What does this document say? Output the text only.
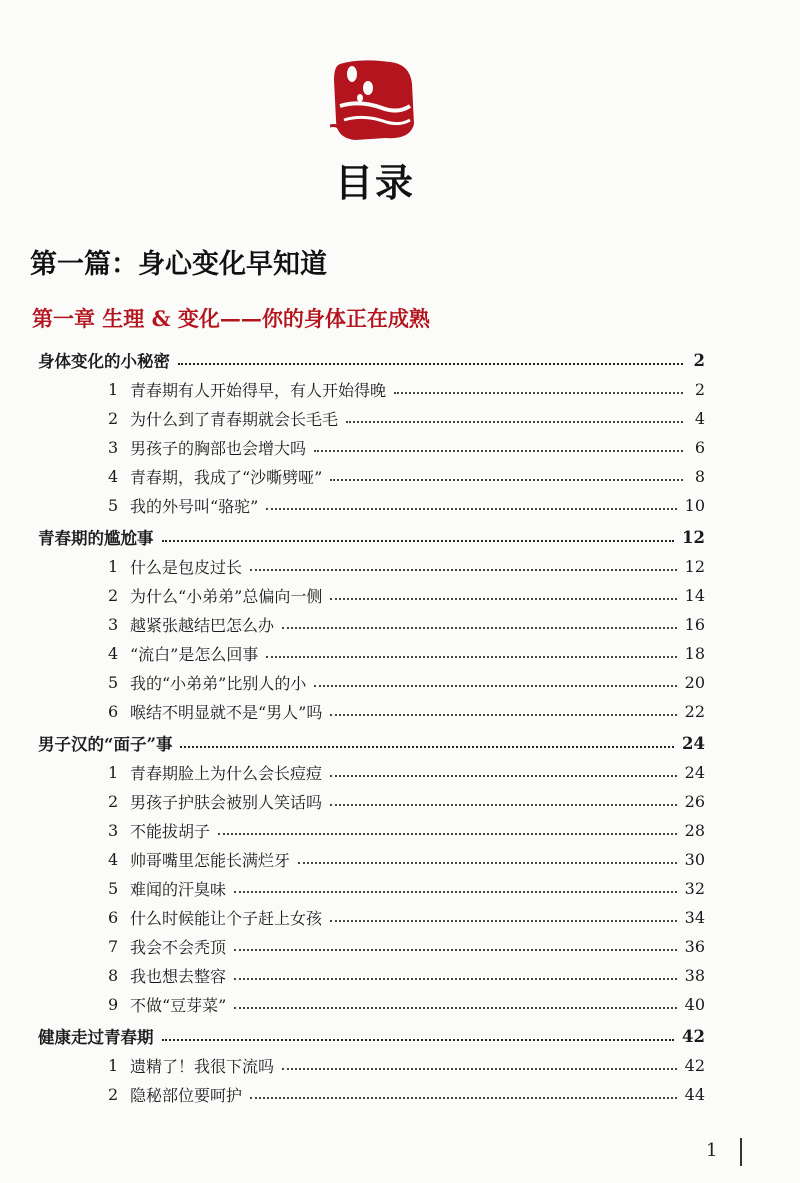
目录
第一篇：身心变化早知道
第一章 生理 & 变化——你的身体正在成熟
身体变化的小秘密	2
1 青春期有人开始得早，有人开始得晚	2
2 为什么到了青春期就会长毛毛	4
3 男孩子的胸部也会增大吗	6
4 青春期，我成了“沙嘶劈哑”	8
5 我的外号叫“骆驼”	10
青春期的尴尬事	12
1 什么是包皮过长	12
2 为什么“小弟弟”总偏向一侧	14
3 越紧张越结巴怎么办	16
4 “流白”是怎么回事	18
5 我的“小弟弟”比别人的小	20
6 喉结不明显就不是“男人”吗	22
男子汉的“面子”事	24
1 青春期脸上为什么会长痘痘	24
2 男孩子护肤会被别人笑话吗	26
3 不能拔胡子	28
4 帅哥嘴里怎能长满烂牙	30
5 难闻的汗臭味	32
6 什么时候能让个子赶上女孩	34
7 我会不会秃顶	36
8 我也想去整容	38
9 不做“豆芽菜”	40
健康走过青春期	42
1 遗精了！我很下流吗	42
2 隐秘部位要呵护	44
1
